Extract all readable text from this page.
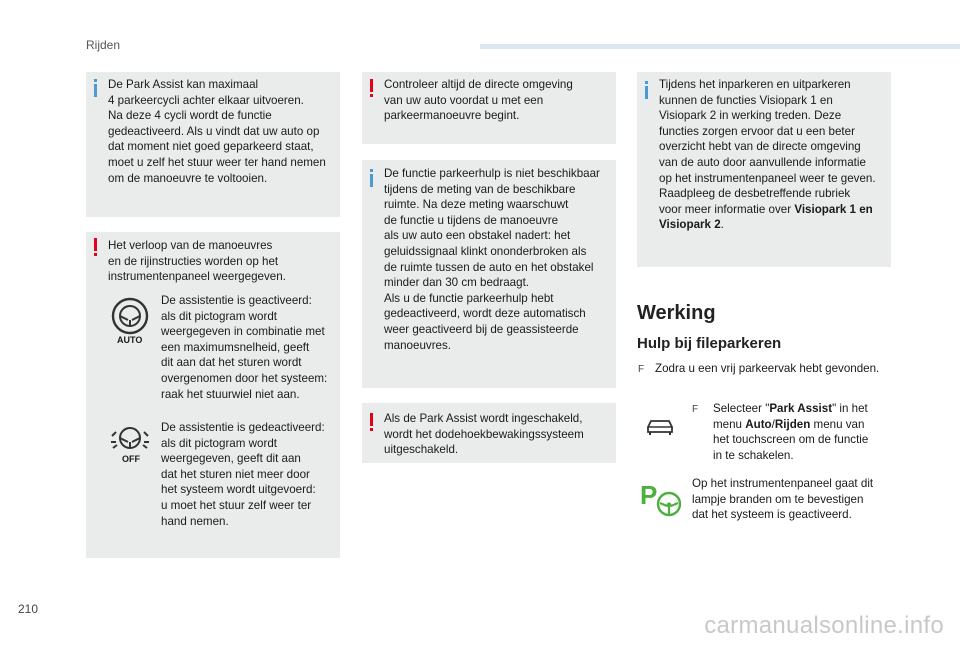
Rijden

De Park Assist kan maximaal
4 parkeercycli achter elkaar uitvoeren.
Na deze 4 cycli wordt de functie
gedeactiveerd. Als u vindt dat uw auto op
dat moment niet goed geparkeerd staat,
moet u zelf het stuur weer ter hand nemen
om de manoeuvre te voltooien.

Het verloop van de manoeuvres
en de rijinstructies worden op het
instrumentenpaneel weergegeven.

AUTO

De assistentie is geactiveerd:
als dit pictogram wordt
weergegeven in combinatie met
een maximumsnelheid, geeft
dit aan dat het sturen wordt
overgenomen door het systeem:
raak het stuurwiel niet aan.

OFF

De assistentie is gedeactiveerd:
als dit pictogram wordt
weergegeven, geeft dit aan
dat het sturen niet meer door
het systeem wordt uitgevoerd:
u moet het stuur zelf weer ter
hand nemen.

Controleer altijd de directe omgeving
van uw auto voordat u met een
parkeermanoeuvre begint.

De functie parkeerhulp is niet beschikbaar
tijdens de meting van de beschikbare
ruimte. Na deze meting waarschuwt
de functie u tijdens de manoeuvre
als uw auto een obstakel nadert: het
geluidssignaal klinkt ononderbroken als
de ruimte tussen de auto en het obstakel
minder dan 30 cm bedraagt.
Als u de functie parkeerhulp hebt
gedeactiveerd, wordt deze automatisch
weer geactiveerd bij de geassisteerde
manoeuvres.

Als de Park Assist wordt ingeschakeld,
wordt het dodehoekbewakingssysteem
uitgeschakeld.

Tijdens het inparkeren en uitparkeren
kunnen de functies Visiopark 1 en
Visiopark 2 in werking treden. Deze
functies zorgen ervoor dat u een beter
overzicht hebt van de directe omgeving
van de auto door aanvullende informatie
op het instrumentenpaneel weer te geven.
Raadpleeg de desbetreffende rubriek
voor meer informatie over Visiopark 1 en
Visiopark 2.

Werking
Hulp bij fileparkeren
F Zodra u een vrij parkeervak hebt gevonden.
F Selecteer "Park Assist" in het
menu Auto/Rijden menu van
het touchscreen om de functie
in te schakelen.
P	Op het instrumentenpaneel gaat dit
lampje branden om te bevestigen
dat het systeem is geactiveerd.
210
carmanualsonline.info
